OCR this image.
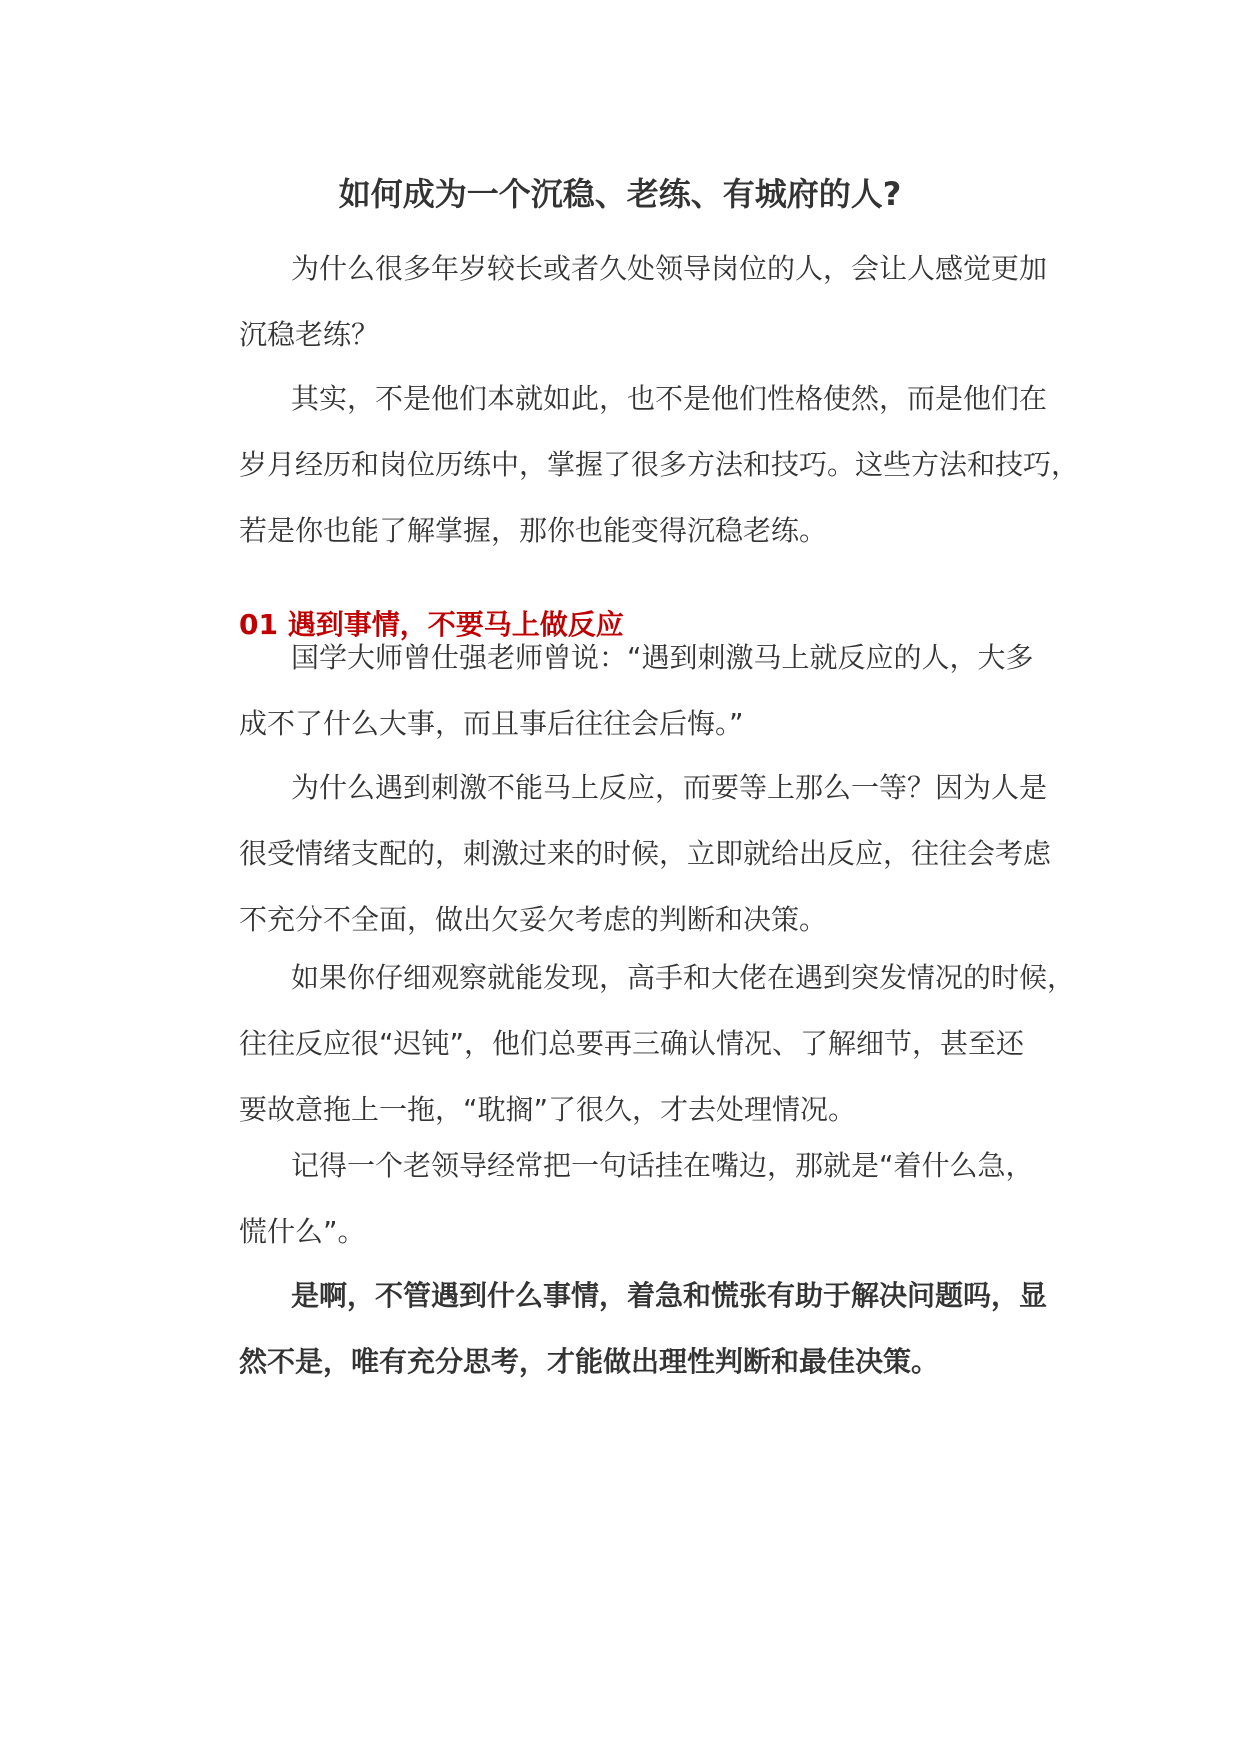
如何成为一个沉稳、老练、有城府的人?
为什么很多年岁较长或者久处领导岗位的人，会让人感觉更加
沉稳老练？
其实，不是他们本就如此，也不是他们性格使然，而是他们在
岁月经历和岗位历练中，掌握了很多方法和技巧。这些方法和技巧，
若是你也能了解掌握，那你也能变得沉稳老练。
01 遇到事情，不要马上做反应
国学大师曾仕强老师曾说：“遇到刺激马上就反应的人，大多
成不了什么大事，而且事后往往会后悔。”
为什么遇到刺激不能马上反应，而要等上那么一等？因为人是
很受情绪支配的，刺激过来的时候，立即就给出反应，往往会考虑
不充分不全面，做出欠妥欠考虑的判断和决策。
如果你仔细观察就能发现，高手和大佬在遇到突发情况的时候，
往往反应很“迟钝”，他们总要再三确认情况、了解细节，甚至还
要故意拖上一拖，“耽搁”了很久，才去处理情况。
记得一个老领导经常把一句话挂在嘴边，那就是“着什么急，
慌什么”。
是啊，不管遇到什么事情，着急和慌张有助于解决问题吗，显
然不是，唯有充分思考，才能做出理性判断和最佳决策。
